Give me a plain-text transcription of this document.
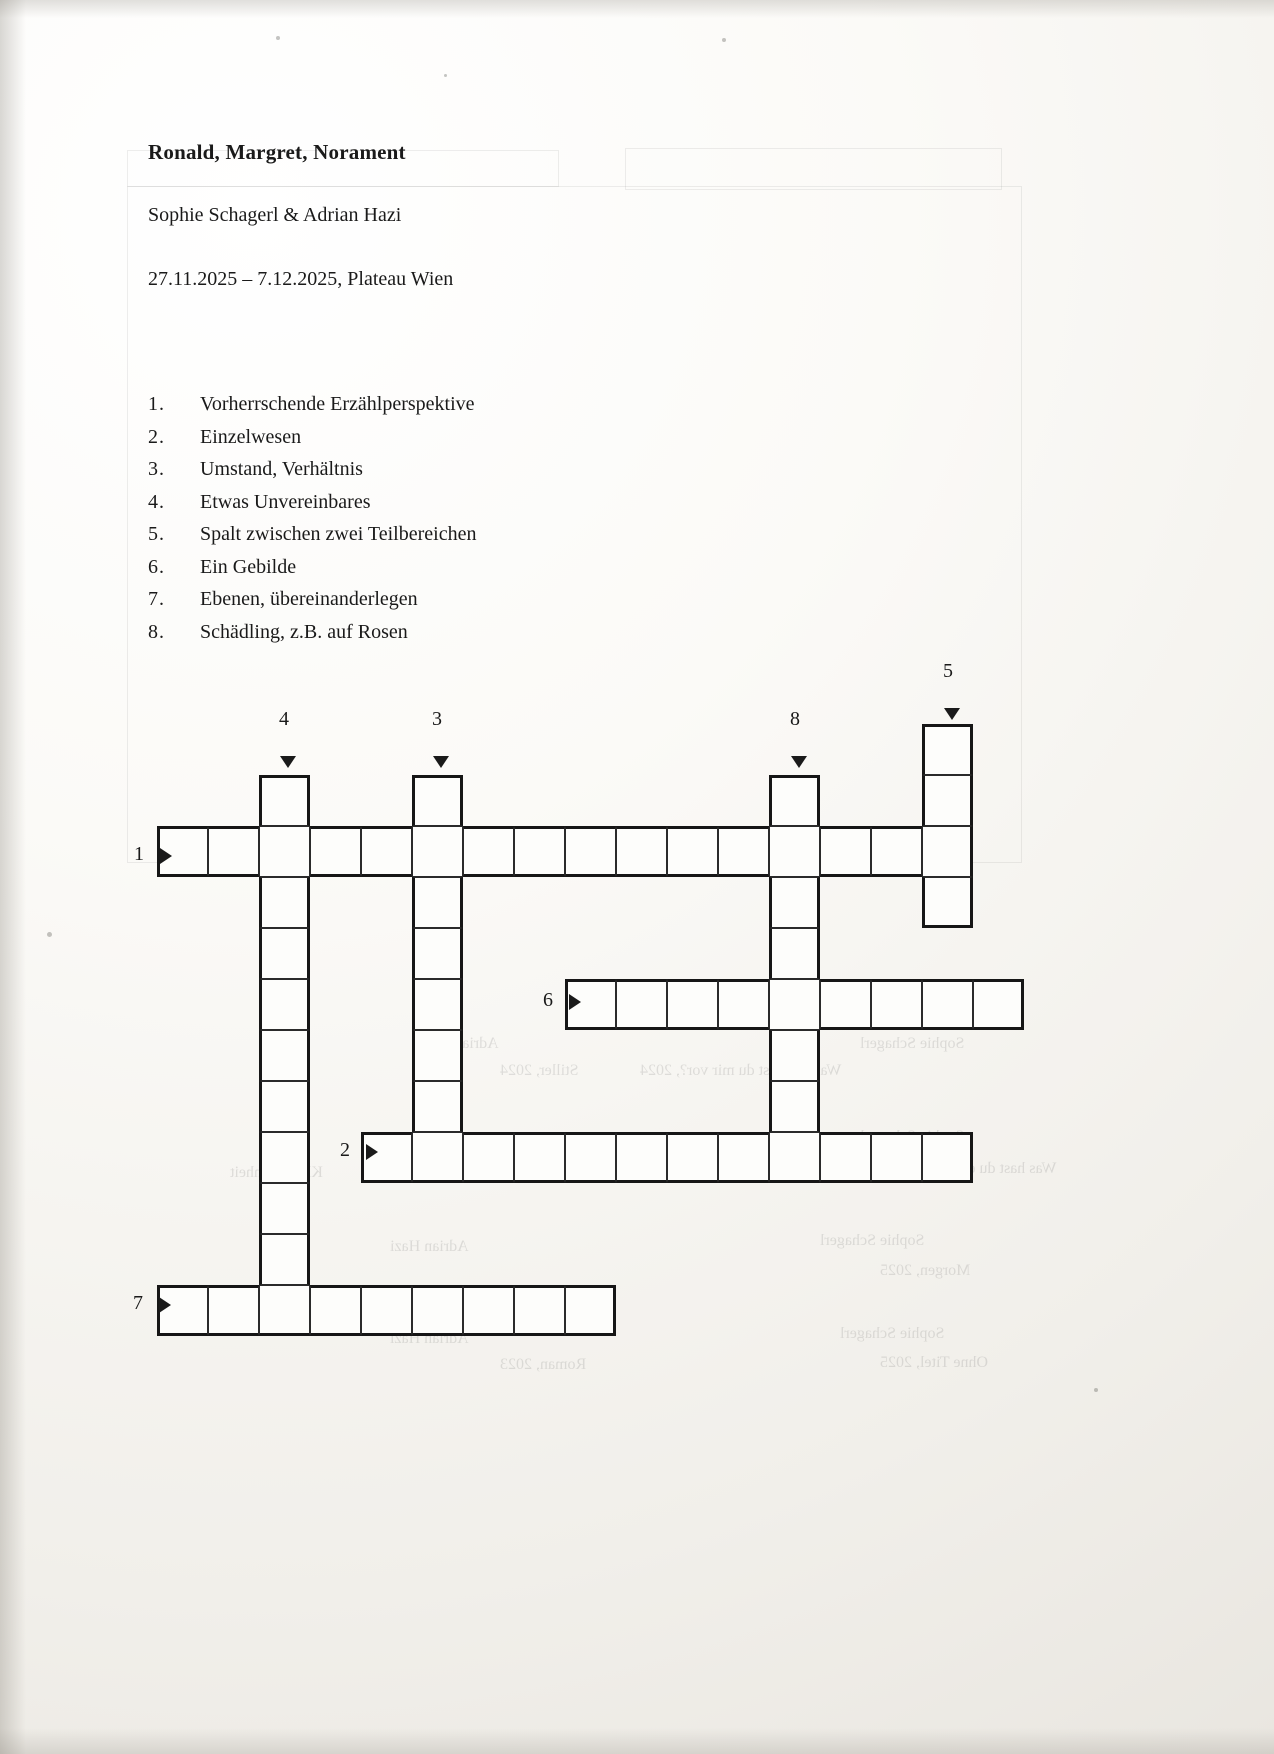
Ronald, Margret, Norament
Sophie Schagerl & Adrian Hazi
27.11.2025 – 7.12.2025, Plateau Wien
1.	Vorherrschende Erzählperspektive
2.	Einzelwesen
3.	Umstand, Verhältnis
4.	Etwas Unvereinbares
5.	Spalt zwischen zwei Teilbereichen
6.	Ein Gebilde
7.	Ebenen, übereinanderlegen
8.	Schädling, z.B. auf Rosen
1
2
6
7
3
4
5
8
